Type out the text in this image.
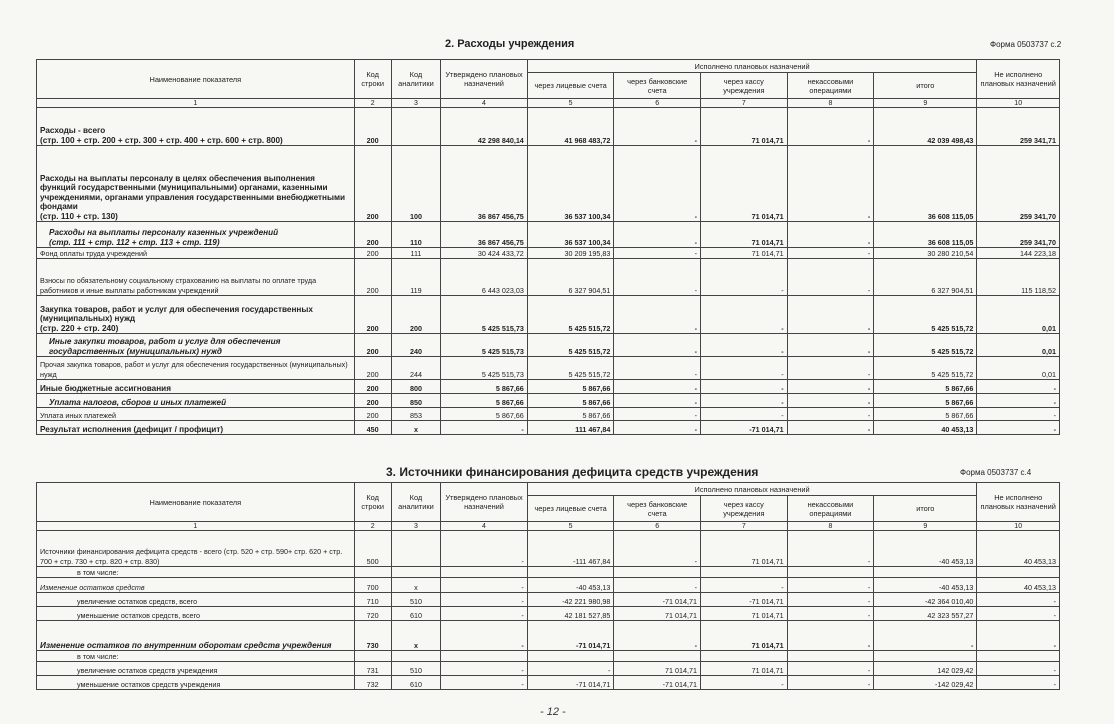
2. Расходы учреждения	Форма 0503737 с.2
Наименование показателя	Код строки	Код аналитики	Утверждено плановых назначений	Исполнено плановых назначений					Не исполнено плановых назначений
				через лицевые счета	через банковские счета	через кассу учреждения	некассовыми операциями	итого	
1	2	3	4	5	6	7	8	9	10
Расходы - всего
(стр. 100 + стр. 200 + стр. 300 + стр. 400 + стр. 600 + стр. 800)	200		42 298 840,14	41 968 483,72	-	71 014,71	-	42 039 498,43	259 341,71
Расходы на выплаты персоналу в целях обеспечения выполнения функций государственными (муниципальными) органами, казенными учреждениями, органами управления государственными внебюджетными фондами
(стр. 110 + стр. 130)	200	100	36 867 456,75	36 537 100,34	-	71 014,71	-	36 608 115,05	259 341,70
Расходы на выплаты персоналу казенных учреждений
(стр. 111 + стр. 112 + стр. 113 + стр. 119)	200	110	36 867 456,75	36 537 100,34	-	71 014,71	-	36 608 115,05	259 341,70
Фонд оплаты труда учреждений	200	111	30 424 433,72	30 209 195,83	-	71 014,71	-	30 280 210,54	144 223,18
Взносы по обязательному социальному страхованию на выплаты по оплате труда работников и иные выплаты работникам учреждений	200	119	6 443 023,03	6 327 904,51	-	-	-	6 327 904,51	115 118,52
Закупка товаров, работ и услуг для обеспечения государственных (муниципальных) нужд
(стр. 220 + стр. 240)	200	200	5 425 515,73	5 425 515,72	-	-	-	5 425 515,72	0,01
Иные закупки товаров, работ и услуг для обеспечения государственных (муниципальных) нужд	200	240	5 425 515,73	5 425 515,72	-	-	-	5 425 515,72	0,01
Прочая закупка товаров, работ и услуг для обеспечения государственных (муниципальных) нужд	200	244	5 425 515,73	5 425 515,72	-	-	-	5 425 515,72	0,01
Иные бюджетные ассигнования	200	800	5 867,66	5 867,66	-	-	-	5 867,66	-
Уплата налогов, сборов и иных платежей	200	850	5 867,66	5 867,66	-	-	-	5 867,66	-
Уплата иных платежей	200	853	5 867,66	5 867,66	-	-	-	5 867,66	-
Результат исполнения (дефицит / профицит)	450	x	-	111 467,84	-	-71 014,71	-	40 453,13	-
3. Источники финансирования дефицита средств учреждения	Форма 0503737 с.4
Наименование показателя	Код строки	Код аналитики	Утверждено плановых назначений	Исполнено плановых назначений					Не исполнено плановых назначений
				через лицевые счета	через банковские счета	через кассу учреждения	некассовыми операциями	итого	
1	2	3	4	5	6	7	8	9	10
Источники финансирования дефицита средств - всего (стр. 520 + стр. 590+ стр. 620 + стр. 700 + стр. 730 + стр. 820 + стр. 830)	500		-	-111 467,84	-	71 014,71	-	-40 453,13	40 453,13
в том числе:									
Изменение остатков средств	700	x	-	-40 453,13	-	-	-	-40 453,13	40 453,13
увеличение остатков средств, всего	710	510	-	-42 221 980,98	-71 014,71	-71 014,71	-	-42 364 010,40	-
уменьшение остатков средств, всего	720	610	-	42 181 527,85	71 014,71	71 014,71	-	42 323 557,27	-
Изменение остатков по внутренним оборотам средств учреждения	730	x	-	-71 014,71	-	71 014,71	-	-	-
в том числе:									
увеличение остатков средств учреждения	731	510	-	-	71 014,71	71 014,71	-	142 029,42	-
уменьшение остатков средств учреждения	732	610	-	-71 014,71	-71 014,71	-	-	-142 029,42	-
- 12 -
